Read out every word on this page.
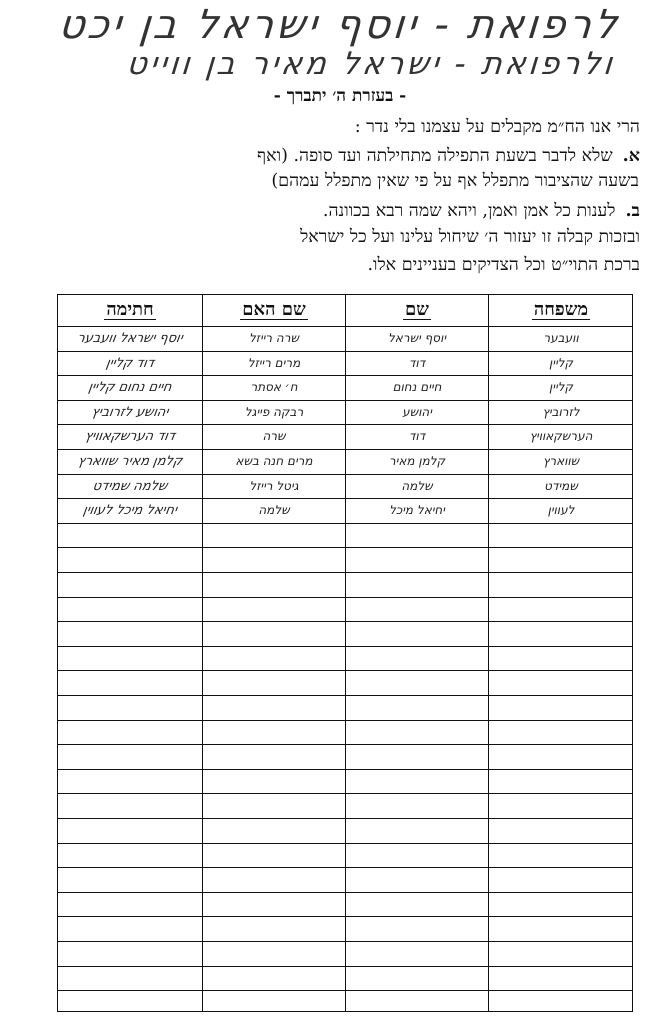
לרפואת - יוסף ישראל בן יכט
ולרפואת - ישראל מאיר בן ווייט
- בעזרת ה׳ יתברך -
הרי אנו הח״מ מקבלים על עצמנו בלי נדר :
א.שלא לדבר בשעת התפילה מתחילתה ועד סופה. (ואף
בשעה שהציבור מתפלל אף על פי שאין מתפלל עמהם)
ב.לענות כל אמן ואמן, ויהא שמה רבא בכוונה.
ובזכות קבלה זו יעזור ה׳ שיחול עלינו ועל כל ישראל
ברכת התוי״ט וכל הצדיקים בעניינים אלו.
משפחה
שם
שם האם
חתימה
וועבער
יוסף ישראל
שרה רייזל
יוסף ישראל וועבער
קליין
דוד
מרים רייזל
דוד קליין
קליין
חיים נחום
ח׳ אסתר
חיים נחום קליין
לזרוביץ
יהושע
רבקה פייגל
יהושע לזרוביץ
הערשקאוויץ
דוד
שרה
דוד הערשקאוויץ
שווארץ
קלמן מאיר
מרים חנה בשא
קלמן מאיר שווארץ
שמידט
שלמה
גיטל רייזל
שלמה שמידט
לעווין
יחיאל מיכל
שלמה
יחיאל מיכל לעווין
